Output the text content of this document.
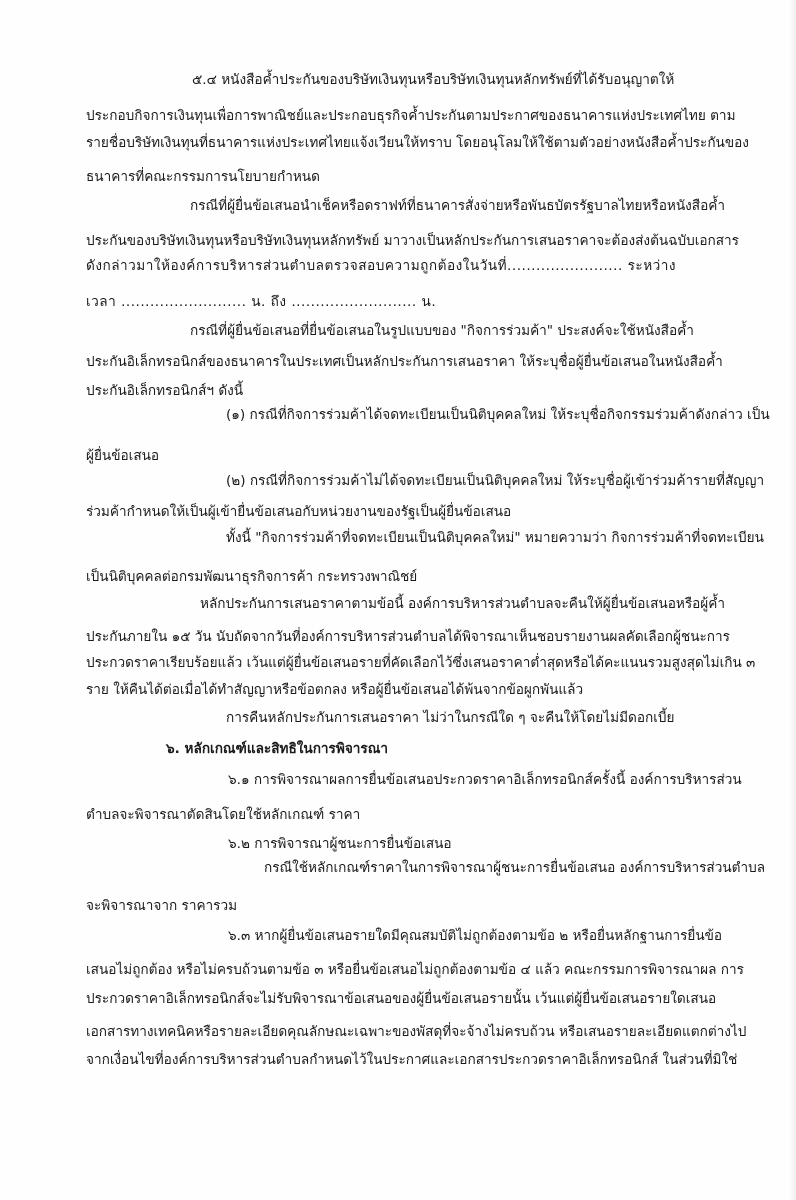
๕.๔ หนังสือค้ำประกันของบริษัทเงินทุนหรือบริษัทเงินทุนหลักทรัพย์ที่ได้รับอนุญาตให้
ประกอบกิจการเงินทุนเพื่อการพาณิชย์และประกอบธุรกิจค้ำประกันตามประกาศของธนาคารแห่งประเทศไทย ตาม
รายชื่อบริษัทเงินทุนที่ธนาคารแห่งประเทศไทยแจ้งเวียนให้ทราบ โดยอนุโลมให้ใช้ตามตัวอย่างหนังสือค้ำประกันของ
ธนาคารที่คณะกรรมการนโยบายกำหนด
กรณีที่ผู้ยื่นข้อเสนอนำเช็คหรือดราฟท์ที่ธนาคารสั่งจ่ายหรือพันธบัตรรัฐบาลไทยหรือหนังสือค้ำ
ประกันของบริษัทเงินทุนหรือบริษัทเงินทุนหลักทรัพย์ มาวางเป็นหลักประกันการเสนอราคาจะต้องส่งต้นฉบับเอกสาร
ดังกล่าวมาให้องค์การบริหารส่วนตำบลตรวจสอบความถูกต้องในวันที่........................ ระหว่าง
เวลา .......................... น. ถึง .......................... น.
กรณีที่ผู้ยื่นข้อเสนอที่ยื่นข้อเสนอในรูปแบบของ "กิจการร่วมค้า" ประสงค์จะใช้หนังสือค้ำ
ประกันอิเล็กทรอนิกส์ของธนาคารในประเทศเป็นหลักประกันการเสนอราคา ให้ระบุชื่อผู้ยื่นข้อเสนอในหนังสือค้ำ
ประกันอิเล็กทรอนิกส์ฯ ดังนี้
(๑) กรณีที่กิจการร่วมค้าได้จดทะเบียนเป็นนิติบุคคลใหม่ ให้ระบุชื่อกิจกรรมร่วมค้าดังกล่าว เป็น
ผู้ยื่นข้อเสนอ
(๒) กรณีที่กิจการร่วมค้าไม่ได้จดทะเบียนเป็นนิติบุคคลใหม่ ให้ระบุชื่อผู้เข้าร่วมค้ารายที่สัญญา
ร่วมค้ากำหนดให้เป็นผู้เข้ายื่นข้อเสนอกับหน่วยงานของรัฐเป็นผู้ยื่นข้อเสนอ
ทั้งนี้ "กิจการร่วมค้าที่จดทะเบียนเป็นนิติบุคคลใหม่" หมายความว่า กิจการร่วมค้าที่จดทะเบียน
เป็นนิติบุคคลต่อกรมพัฒนาธุรกิจการค้า กระทรวงพาณิชย์
หลักประกันการเสนอราคาตามข้อนี้ องค์การบริหารส่วนตำบลจะคืนให้ผู้ยื่นข้อเสนอหรือผู้ค้ำ
ประกันภายใน ๑๕ วัน นับถัดจากวันที่องค์การบริหารส่วนตำบลได้พิจารณาเห็นชอบรายงานผลคัดเลือกผู้ชนะการ
ประกวดราคาเรียบร้อยแล้ว เว้นแต่ผู้ยื่นข้อเสนอรายที่คัดเลือกไว้ซึ่งเสนอราคาต่ำสุดหรือได้คะแนนรวมสูงสุดไม่เกิน ๓
ราย ให้คืนได้ต่อเมื่อได้ทำสัญญาหรือข้อตกลง หรือผู้ยื่นข้อเสนอได้พ้นจากข้อผูกพันแล้ว
การคืนหลักประกันการเสนอราคา ไม่ว่าในกรณีใด ๆ จะคืนให้โดยไม่มีดอกเบี้ย
๖. หลักเกณฑ์และสิทธิในการพิจารณา
๖.๑ การพิจารณาผลการยื่นข้อเสนอประกวดราคาอิเล็กทรอนิกส์ครั้งนี้ องค์การบริหารส่วน
ตำบลจะพิจารณาตัดสินโดยใช้หลักเกณฑ์ ราคา
๖.๒ การพิจารณาผู้ชนะการยื่นข้อเสนอ
กรณีใช้หลักเกณฑ์ราคาในการพิจารณาผู้ชนะการยื่นข้อเสนอ องค์การบริหารส่วนตำบล
จะพิจารณาจาก ราคารวม
๖.๓ หากผู้ยื่นข้อเสนอรายใดมีคุณสมบัติไม่ถูกต้องตามข้อ ๒ หรือยื่นหลักฐานการยื่นข้อ
เสนอไม่ถูกต้อง หรือไม่ครบถ้วนตามข้อ ๓ หรือยื่นข้อเสนอไม่ถูกต้องตามข้อ ๔ แล้ว คณะกรรมการพิจารณาผล การ
ประกวดราคาอิเล็กทรอนิกส์จะไม่รับพิจารณาข้อเสนอของผู้ยื่นข้อเสนอรายนั้น เว้นแต่ผู้ยื่นข้อเสนอรายใดเสนอ
เอกสารทางเทคนิคหรือรายละเอียดคุณลักษณะเฉพาะของพัสดุที่จะจ้างไม่ครบถ้วน หรือเสนอรายละเอียดแตกต่างไป
จากเงื่อนไขที่องค์การบริหารส่วนตำบลกำหนดไว้ในประกาศและเอกสารประกวดราคาอิเล็กทรอนิกส์ ในส่วนที่มิใช่
